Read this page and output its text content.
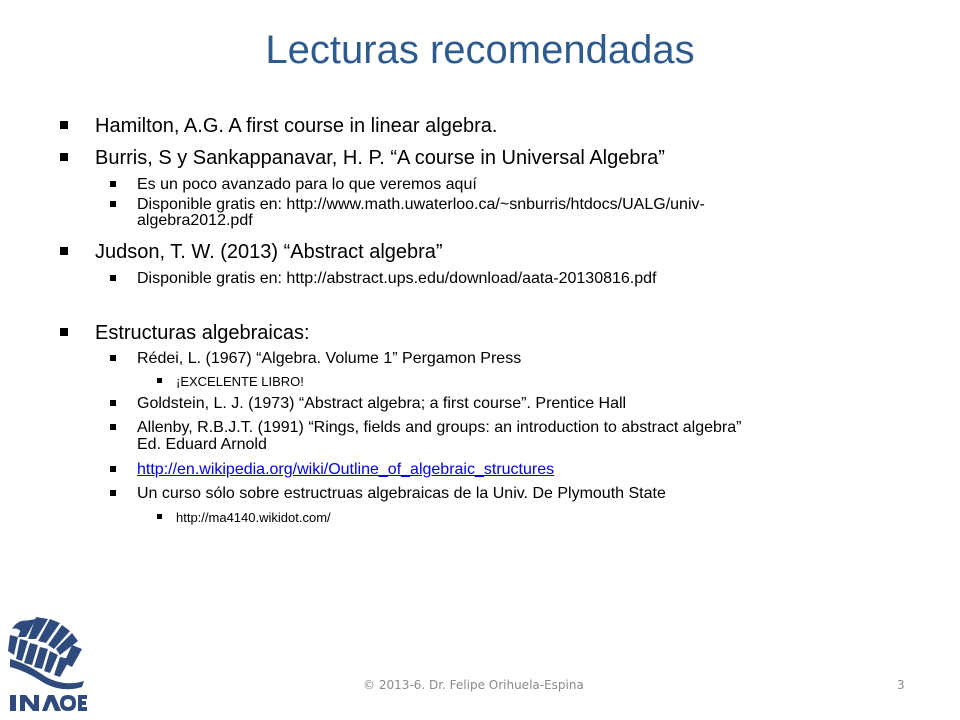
Lecturas recomendadas
Hamilton, A.G. A first course in linear algebra.
Burris, S y Sankappanavar, H. P. “A course in Universal Algebra”
Es un poco avanzado para lo que veremos aquí
Disponible gratis en: http://www.math.uwaterloo.ca/~snburris/htdocs/UALG/univ-
algebra2012.pdf
Judson, T. W. (2013) “Abstract algebra”
Disponible gratis en: http://abstract.ups.edu/download/aata-20130816.pdf
Estructuras algebraicas:
Rédei, L. (1967) “Algebra. Volume 1” Pergamon Press
¡EXCELENTE LIBRO!
Goldstein, L. J. (1973) “Abstract algebra; a first course”. Prentice Hall
Allenby, R.B.J.T. (1991) “Rings, fields and groups: an introduction to abstract algebra”
Ed. Eduard Arnold
http://en.wikipedia.org/wiki/Outline_of_algebraic_structures
Un curso sólo sobre estructruas algebraicas de la Univ. De Plymouth State
http://ma4140.wikidot.com/
© 2013-6. Dr. Felipe Orihuela-Espina	3
